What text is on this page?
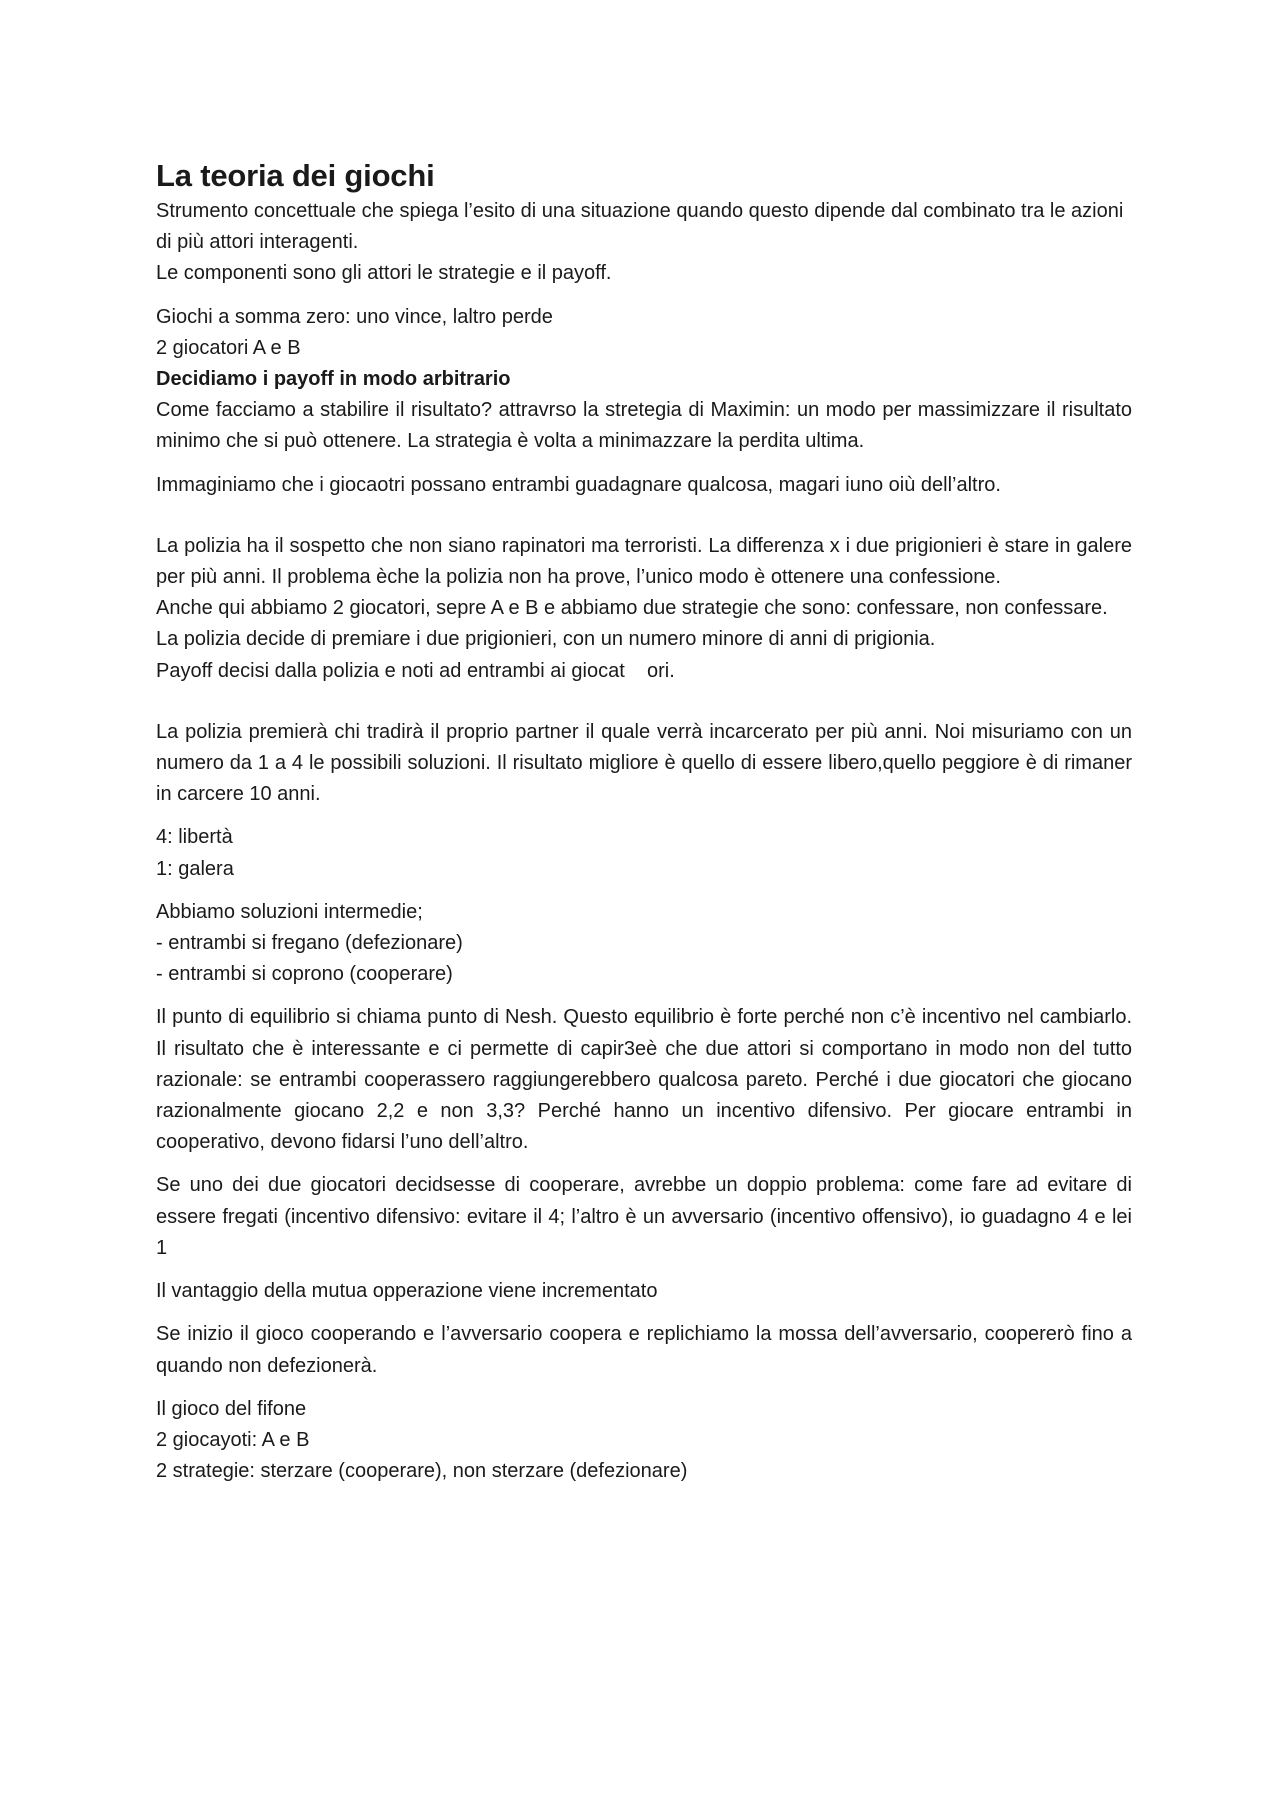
La teoria dei giochi

Strumento concettuale che spiega l’esito di una situazione quando questo dipende dal combinato tra le azioni di più attori interagenti.

Le componenti sono gli attori le strategie e il payoff.

Giochi a somma zero: uno vince, laltro perde

2 giocatori A e B

Decidiamo i payoff in modo arbitrario

Come facciamo a stabilire il risultato? attravrso la stretegia di Maximin: un modo per massimizzare il risultato minimo che si può ottenere. La strategia è volta a minimazzare la perdita ultima.

Immaginiamo che i giocaotri possano entrambi guadagnare qualcosa, magari iuno oiù dell’altro.

La polizia ha il sospetto che non siano rapinatori ma terroristi. La differenza x i due prigionieri è stare in galere per più anni. Il problema èche la polizia non ha prove, l’unico modo è ottenere una confessione.

Anche qui abbiamo 2 giocatori, sepre A e B e abbiamo due strategie che sono: confessare, non confessare.

La polizia decide di premiare i due prigionieri, con un numero minore di anni di prigionia.

Payoff decisi dalla polizia e noti ad entrambi ai giocat    ori.

La polizia premierà chi tradirà il proprio partner il quale verrà incarcerato per più anni. Noi misuriamo con un numero da 1 a 4 le possibili soluzioni. Il risultato migliore è quello di essere libero,quello peggiore è di rimaner in carcere 10 anni.

4: libertà

1: galera

Abbiamo soluzioni intermedie;

- entrambi si fregano (defezionare)

- entrambi si coprono (cooperare)

Il punto di equilibrio si chiama punto di Nesh. Questo equilibrio è forte perché non c’è incentivo nel cambiarlo. Il risultato che è interessante e ci permette di capir3eè che due attori si comportano in modo non del tutto razionale: se entrambi cooperassero raggiungerebbero qualcosa pareto. Perché i due giocatori che giocano razionalmente giocano 2,2 e non 3,3? Perché hanno un incentivo difensivo. Per giocare entrambi in cooperativo, devono fidarsi l’uno dell’altro.

Se uno dei due giocatori decidsesse di cooperare, avrebbe un doppio problema: come fare ad evitare di essere fregati (incentivo difensivo: evitare il 4; l’altro è un avversario (incentivo offensivo), io guadagno 4 e lei 1

Il vantaggio della mutua opperazione viene incrementato

Se inizio il gioco cooperando e l’avversario coopera e replichiamo la mossa dell’avversario, coopererò fino a quando non defezionerà.

Il gioco del fifone

2 giocayoti: A e B

2 strategie: sterzare (cooperare), non sterzare (defezionare)
